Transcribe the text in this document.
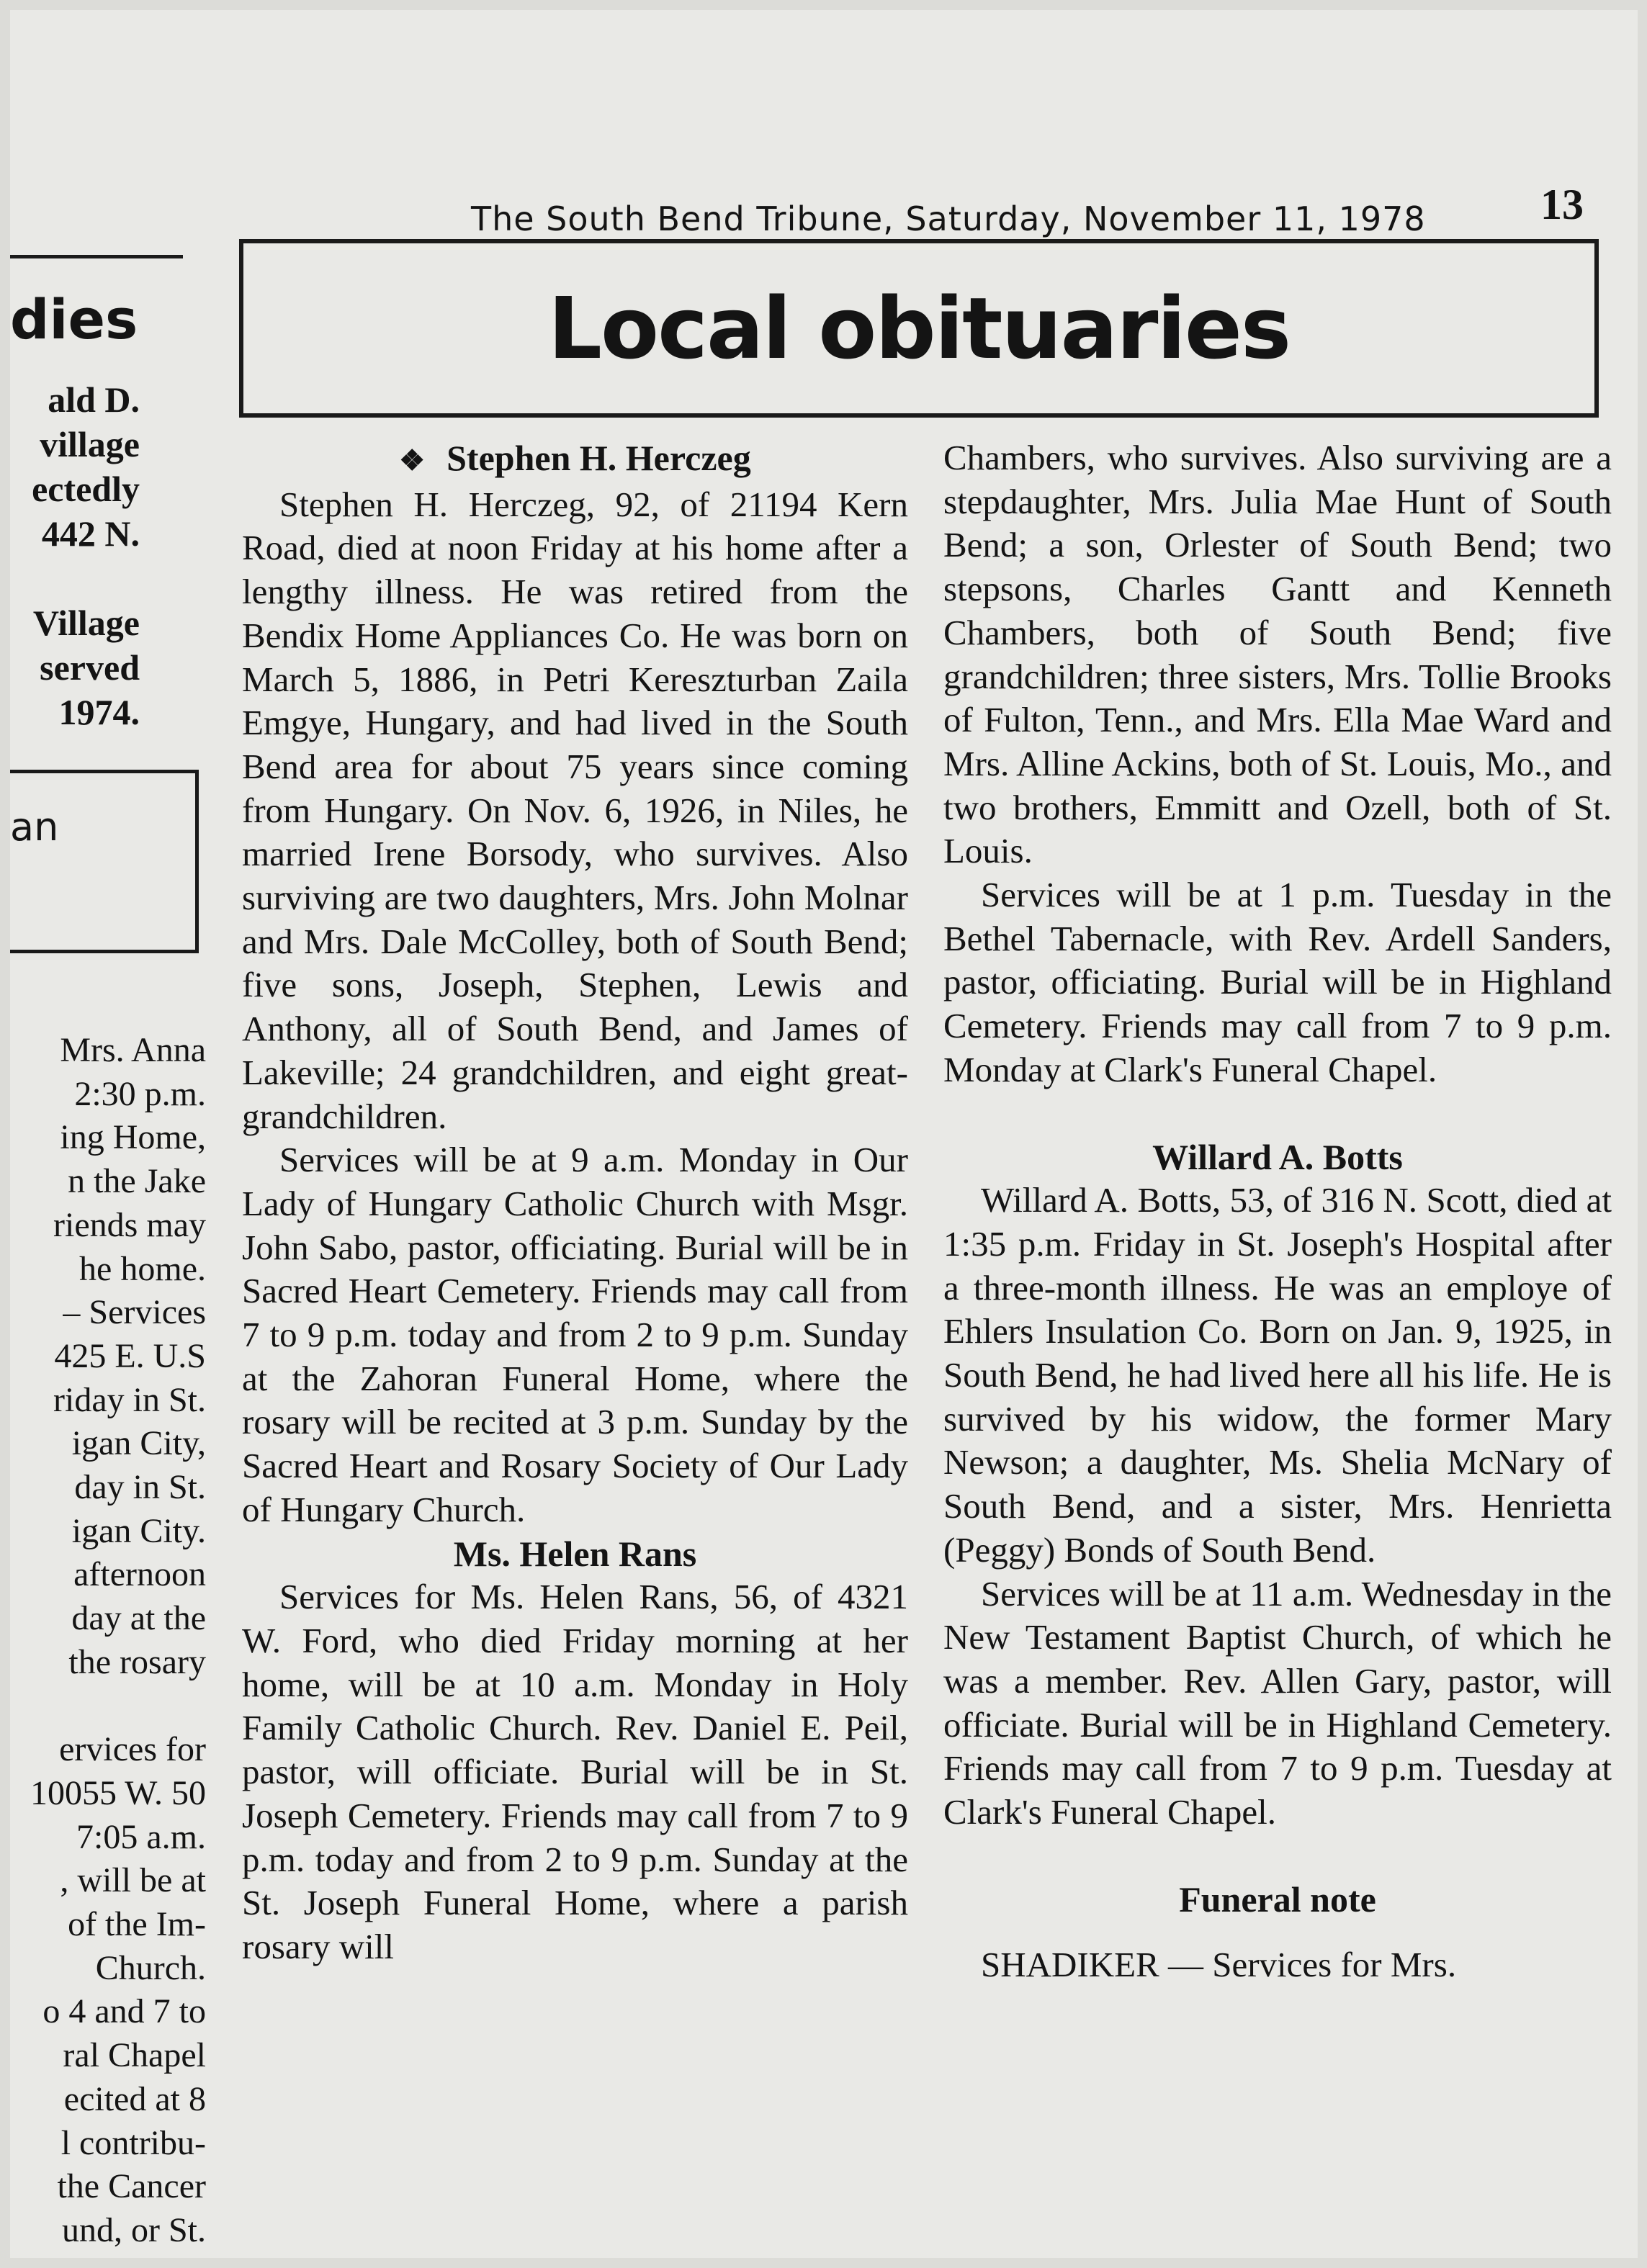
The South Bend Tribune, Saturday, November 11, 1978	13
dies
ald D.
village
ectedly
442 N.

Village
served
1974.
an
Mrs. Anna
2:30 p.m.
ing Home,
n the Jake
riends may
he home.
– Services
425 E. U.S
riday in St.
igan City,
day in St.
igan City.
afternoon
day at the
the rosary

ervices for
10055 W. 50
7:05 a.m.
, will be at
of the Im-
Church.
o 4 and 7 to
ral Chapel
ecited at 8
l contribu-
the Cancer
und, or St.
Local obituaries
❖ Stephen H. Herczeg

Stephen H. Herczeg, 92, of 21194 Kern Road, died at noon Friday at his home after a lengthy illness. He was retired from the Bendix Home Appliances Co. He was born on March 5, 1886, in Petri Keresztur​ban Zaila Emgye, Hungary, and had lived in the South Bend area for about 75 years since coming from Hungary. On Nov. 6, 1926, in Niles, he married Irene Borsody, who survives. Also surviving are two daughters, Mrs. John Molnar and Mrs. Dale McColley, both of South Bend; five sons, Joseph, Stephen, Lewis and Anthony, all of South Bend, and James of Lakeville; 24 grandchildren, and eight great-grandchildren.

Services will be at 9 a.m. Monday in Our Lady of Hungary Catholic Church with Msgr. John Sabo, pastor, officiating. Burial will be in Sacred Heart Cemetery. Friends may call from 7 to 9 p.m. today and from 2 to 9 p.m. Sunday at the Zahoran Funeral Home, where the rosary will be recited at 3 p.m. Sunday by the Sacred Heart and Rosary Society of Our Lady of Hungary Church.

Ms. Helen Rans

Services for Ms. Helen Rans, 56, of 4321 W. Ford, who died Friday morning at her home, will be at 10 a.m. Monday in Holy Family Catholic Church. Rev. Daniel E. Peil, pastor, will officiate. Burial will be in St. Joseph Cemetery. Friends may call from 7 to 9 p.m. today and from 2 to 9 p.m. Sunday at the St. Joseph Funeral Home, where a parish rosary will

Chambers, who survives. Also surviving are a stepdaughter, Mrs. Julia Mae Hunt of South Bend; a son, Orlester of South Bend; two stepsons, Charles Gantt and Kenneth Chambers, both of South Bend; five grandchildren; three sisters, Mrs. Tollie Brooks of Fulton, Tenn., and Mrs. Ella Mae Ward and Mrs. Alline Ackins, both of St. Louis, Mo., and two brothers, Emmitt and Ozell, both of St. Louis.

Services will be at 1 p.m. Tuesday in the Bethel Tabernacle, with Rev. Ardell Sanders, pastor, officiating. Burial will be in Highland Cemetery. Friends may call from 7 to 9 p.m. Monday at Clark's Funeral Chapel.

Willard A. Botts

Willard A. Botts, 53, of 316 N. Scott, died at 1:35 p.m. Friday in St. Joseph's Hospital after a three-month illness. He was an employe of Ehlers Insulation Co. Born on Jan. 9, 1925, in South Bend, he had lived here all his life. He is survived by his widow, the former Mary Newson; a daughter, Ms. Shelia McNary of South Bend, and a sister, Mrs. Henrietta (Peggy) Bonds of South Bend.

Services will be at 11 a.m. Wednesday in the New Testament Baptist Church, of which he was a member. Rev. Allen Gary, pastor, will officiate. Burial will be in Highland Cemetery. Friends may call from 7 to 9 p.m. Tuesday at Clark's Funeral Chapel.

Funeral note

SHADIKER — Services for Mrs.
